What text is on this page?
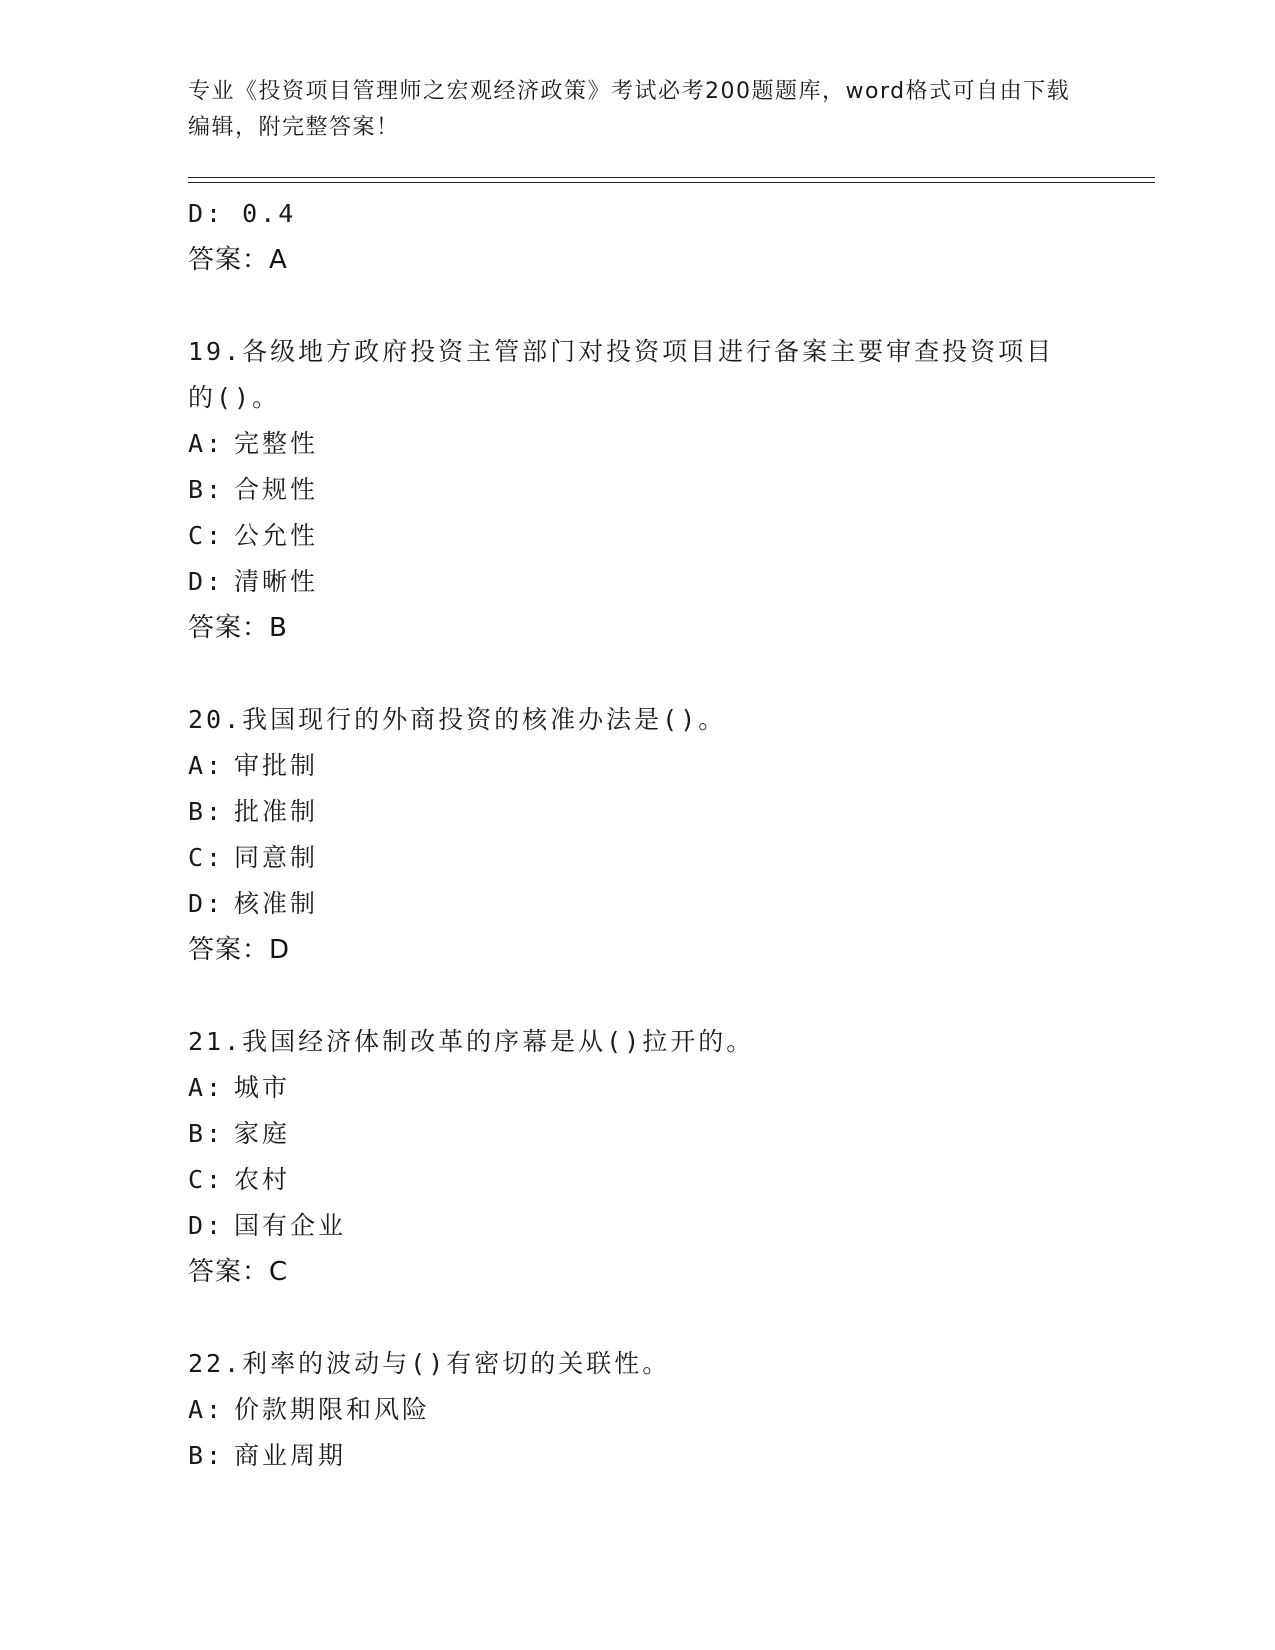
专业《投资项目管理师之宏观经济政策》考试必考200题题库，word格式可自由下载编辑，附完整答案！
D: 0.4
答案：A
19.各级地方政府投资主管部门对投资项目进行备案主要审查投资项目的()。
A: 完整性
B: 合规性
C: 公允性
D: 清晰性
答案：B
20.我国现行的外商投资的核准办法是()。
A: 审批制
B: 批准制
C: 同意制
D: 核准制
答案：D
21.我国经济体制改革的序幕是从()拉开的。
A: 城市
B: 家庭
C: 农村
D: 国有企业
答案：C
22.利率的波动与()有密切的关联性。
A: 价款期限和风险
B: 商业周期
